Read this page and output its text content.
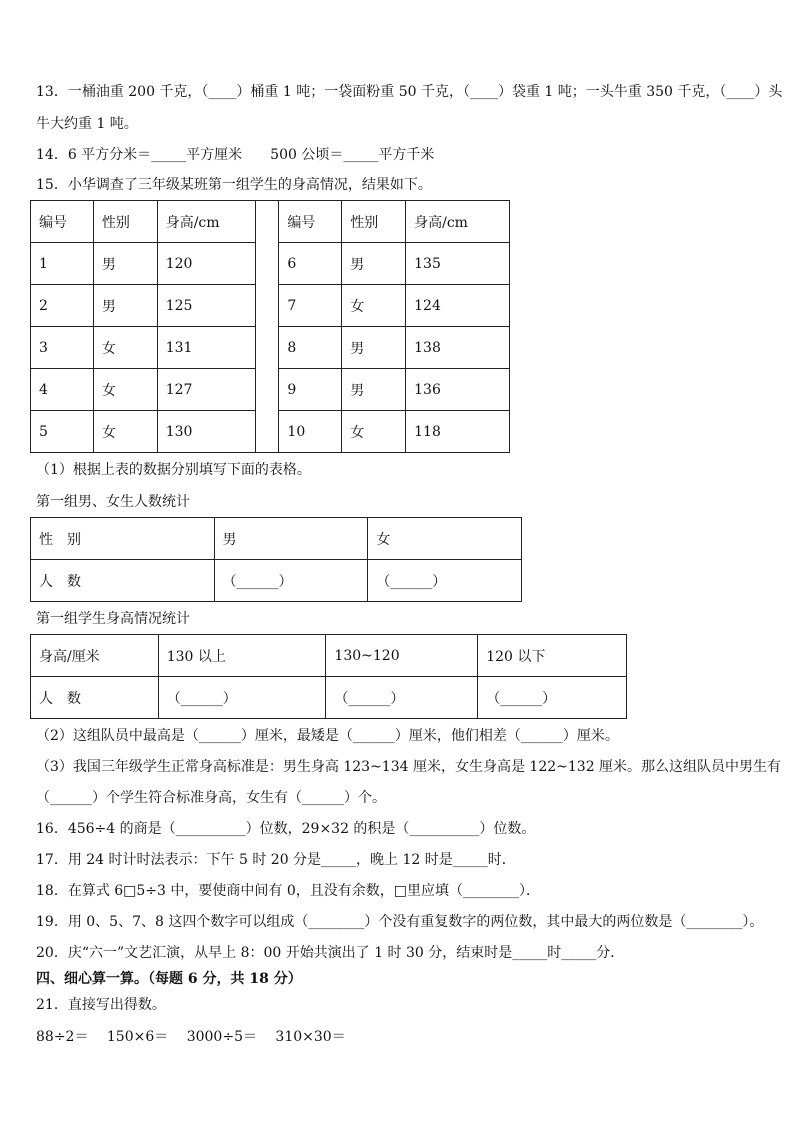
13．一桶油重 200 千克，（____）桶重 1 吨；一袋面粉重 50 千克，（____）袋重 1 吨；一头牛重 350 千克，（____）头
牛大约重 1 吨。
14．6 平方分米＝_____平方厘米　　500 公顷＝_____平方千米
15．小华调查了三年级某班第一组学生的身高情况，结果如下。
编号	性别	身高/cm		编号	性别	身高/cm
1	男	120		6	男	135
2	男	125		7	女	124
3	女	131		8	男	138
4	女	127		9	男	136
5	女	130		10	女	118
（1）根据上表的数据分别填写下面的表格。
第一组男、女生人数统计
性　别	男	女
人　数	（______）	（______）
第一组学生身高情况统计
身高/厘米	130 以上	130~120	120 以下
人　数	（______）	（______）	（______）
（2）这组队员中最高是（______）厘米，最矮是（______）厘米，他们相差（______）厘米。
（3）我国三年级学生正常身高标准是：男生身高 123~134 厘米，女生身高是 122~132 厘米。那么这组队员中男生有
（______）个学生符合标准身高，女生有（______）个。
16．456÷4 的商是（__________）位数，29×32 的积是（__________）位数。
17．用 24 时计时法表示：下午 5 时 20 分是_____，晚上 12 时是_____时．
18．在算式 6□5÷3 中，要使商中间有 0，且没有余数，□里应填（________）．
19．用 0、5、7、8 这四个数字可以组成（________）个没有重复数字的两位数，其中最大的两位数是（________）。
20．庆“六一”文艺汇演，从早上 8：00 开始共演出了 1 时 30 分，结束时是_____时_____分．
四、细心算一算。（每题 6 分，共 18 分）
21．直接写出得数。
88÷2＝　 150×6＝　 3000÷5＝　 310×30＝
